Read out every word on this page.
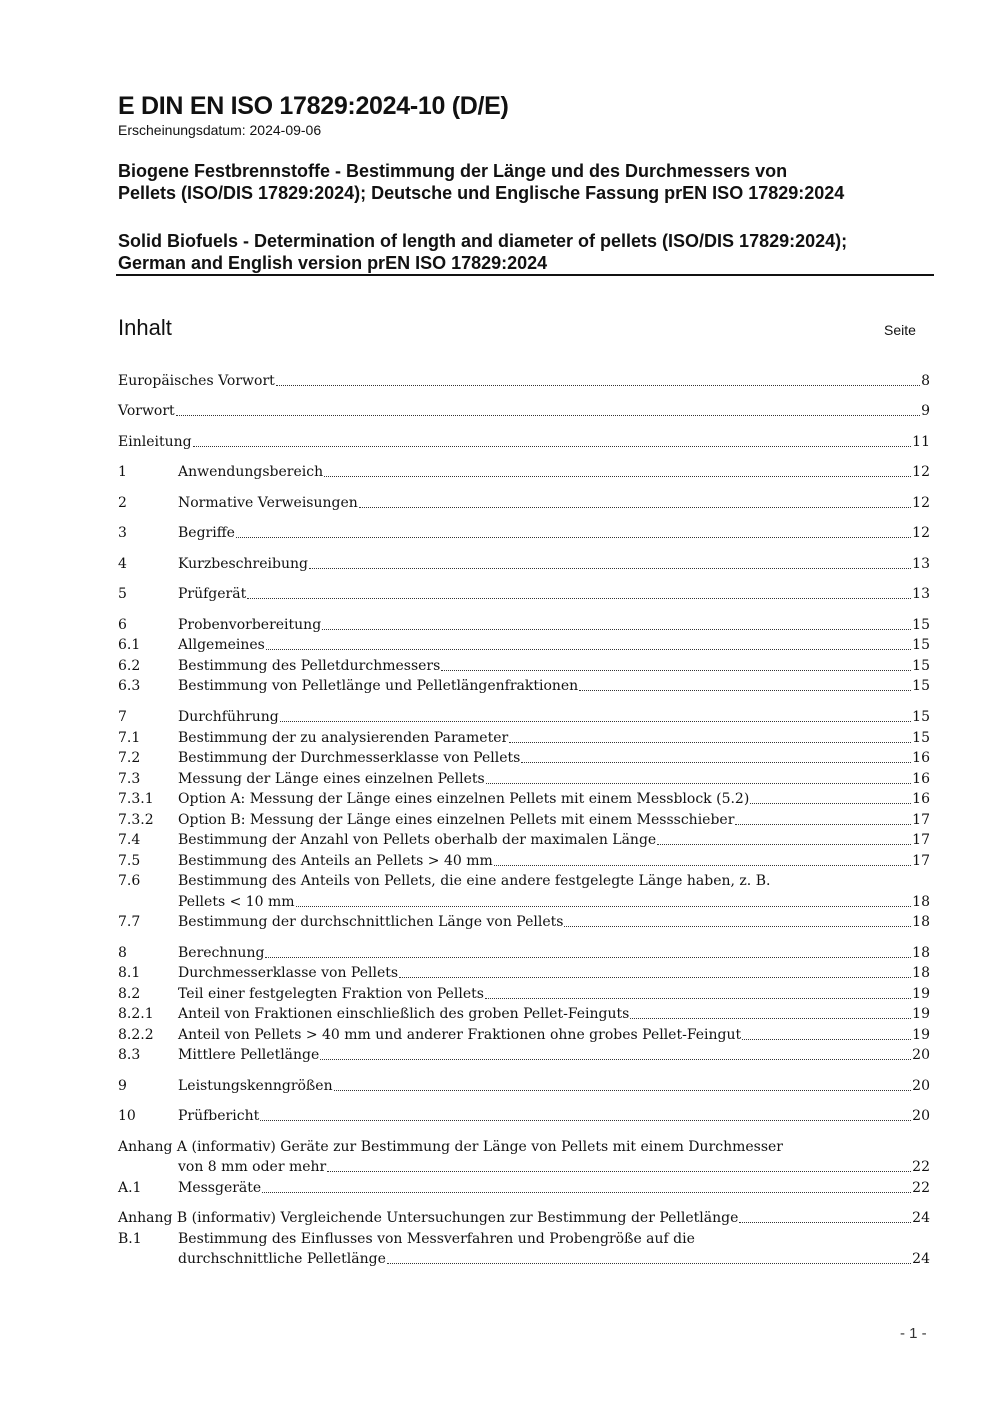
E DIN EN ISO 17829:2024-10 (D/E)
Erscheinungsdatum: 2024-09-06
Biogene Festbrennstoffe - Bestimmung der Länge und des Durchmessers von
Pellets (ISO/DIS 17829:2024); Deutsche und Englische Fassung prEN ISO 17829:2024
Solid Biofuels - Determination of length and diameter of pellets (ISO/DIS 17829:2024);
German and English version prEN ISO 17829:2024
Inhalt	Seite
Europäisches Vorwort	8
Vorwort	9
Einleitung	11
1	Anwendungsbereich	12
2	Normative Verweisungen	12
3	Begriffe	12
4	Kurzbeschreibung	13
5	Prüfgerät	13
6	Probenvorbereitung	15
6.1	Allgemeines	15
6.2	Bestimmung des Pelletdurchmessers	15
6.3	Bestimmung von Pelletlänge und Pelletlängenfraktionen	15
7	Durchführung	15
7.1	Bestimmung der zu analysierenden Parameter	15
7.2	Bestimmung der Durchmesserklasse von Pellets	16
7.3	Messung der Länge eines einzelnen Pellets	16
7.3.1	Option A: Messung der Länge eines einzelnen Pellets mit einem Messblock (5.2)	16
7.3.2	Option B: Messung der Länge eines einzelnen Pellets mit einem Messschieber	17
7.4	Bestimmung der Anzahl von Pellets oberhalb der maximalen Länge	17
7.5	Bestimmung des Anteils an Pellets > 40 mm	17
7.6	Bestimmung des Anteils von Pellets, die eine andere festgelegte Länge haben, z. B.
Pellets < 10 mm	18
7.7	Bestimmung der durchschnittlichen Länge von Pellets	18
8	Berechnung	18
8.1	Durchmesserklasse von Pellets	18
8.2	Teil einer festgelegten Fraktion von Pellets	19
8.2.1	Anteil von Fraktionen einschließlich des groben Pellet-Feinguts	19
8.2.2	Anteil von Pellets > 40 mm und anderer Fraktionen ohne grobes Pellet-Feingut	19
8.3	Mittlere Pelletlänge	20
9	Leistungskenngrößen	20
10	Prüfbericht	20
Anhang A (informativ) Geräte zur Bestimmung der Länge von Pellets mit einem Durchmesser
von 8 mm oder mehr	22
A.1	Messgeräte	22
Anhang B (informativ) Vergleichende Untersuchungen zur Bestimmung der Pelletlänge	24
B.1	Bestimmung des Einflusses von Messverfahren und Probengröße auf die
durchschnittliche Pelletlänge	24
- 1 -
